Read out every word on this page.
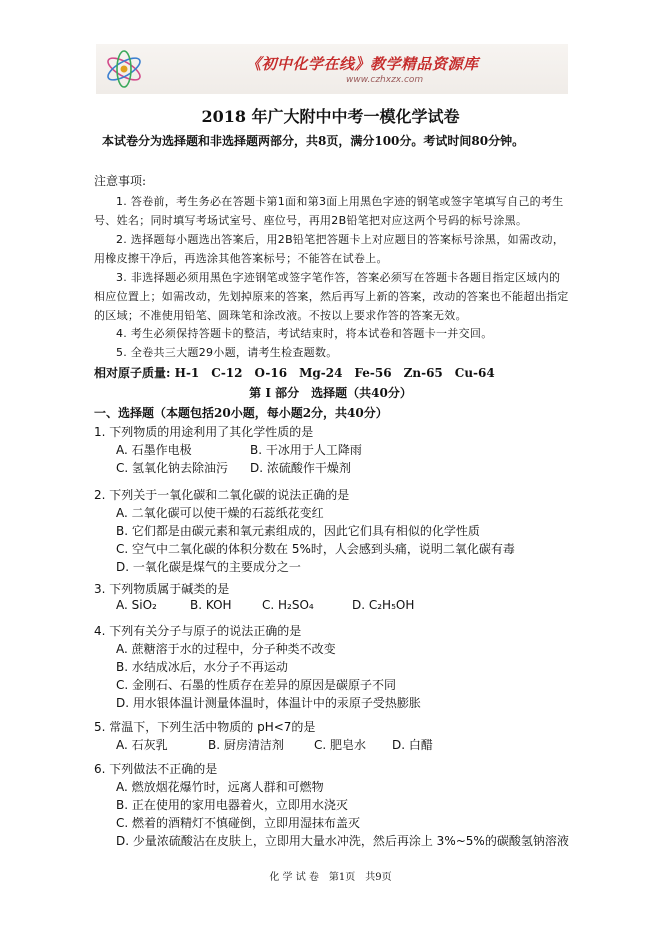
《初中化学在线》教学精品资源库
www.czhxzx.com
2018 年广大附中中考一模化学试卷
本试卷分为选择题和非选择题两部分，共8页，满分100分。考试时间80分钟。
注意事项:
1. 答卷前，考生务必在答题卡第1面和第3面上用黑色字迹的钢笔或签字笔填写自己的考生号、姓名；同时填写考场试室号、座位号，再用2B铅笔把对应这两个号码的标号涂黑。
2. 选择题每小题选出答案后，用2B铅笔把答题卡上对应题目的答案标号涂黑，如需改动，用橡皮擦干净后，再选涂其他答案标号；不能答在试卷上。
3. 非选择题必须用黑色字迹钢笔或签字笔作答，答案必须写在答题卡各题目指定区域内的相应位置上；如需改动，先划掉原来的答案，然后再写上新的答案，改动的答案也不能超出指定的区域；不准使用铅笔、圆珠笔和涂改液。不按以上要求作答的答案无效。
4. 考生必须保持答题卡的整洁，考试结束时，将本试卷和答题卡一并交回。
5. 全卷共三大题29小题，请考生检查题数。
相对原子质量: H-1　C-12　O-16　Mg-24　Fe-56　Zn-65　Cu-64
第 I 部分　选择题（共40分）
一、选择题（本题包括20小题，每小题2分，共40分）
1. 下列物质的用途利用了其化学性质的是
A. 石墨作电极	B. 干冰用于人工降雨
C. 氢氧化钠去除油污 D. 浓硫酸作干燥剂
2. 下列关于一氧化碳和二氧化碳的说法正确的是
A. 二氧化碳可以使干燥的石蕊纸花变红
B. 它们都是由碳元素和氧元素组成的，因此它们具有相似的化学性质
C. 空气中二氧化碳的体积分数在 5%时，人会感到头痛，说明二氧化碳有毒
D. 一氧化碳是煤气的主要成分之一
3. 下列物质属于碱类的是
A. SiO₂	B. KOH	C. H₂SO₄	D. C₂H₅OH
4. 下列有关分子与原子的说法正确的是
A. 蔗糖溶于水的过程中，分子种类不改变
B. 水结成冰后，水分子不再运动
C. 金刚石、石墨的性质存在差异的原因是碳原子不同
D. 用水银体温计测量体温时，体温计中的汞原子受热膨胀
5. 常温下，下列生活中物质的 pH<7的是
A. 石灰乳	B. 厨房清洁剂	C. 肥皂水 D. 白醋
6. 下列做法不正确的是
A. 燃放烟花爆竹时，远离人群和可燃物
B. 正在使用的家用电器着火，立即用水浇灭
C. 燃着的酒精灯不慎碰倒，立即用湿抹布盖灭
D. 少量浓硫酸沾在皮肤上，立即用大量水冲洗，然后再涂上 3%~5%的碳酸氢钠溶液
化 学 试 卷　第1页　共9页
